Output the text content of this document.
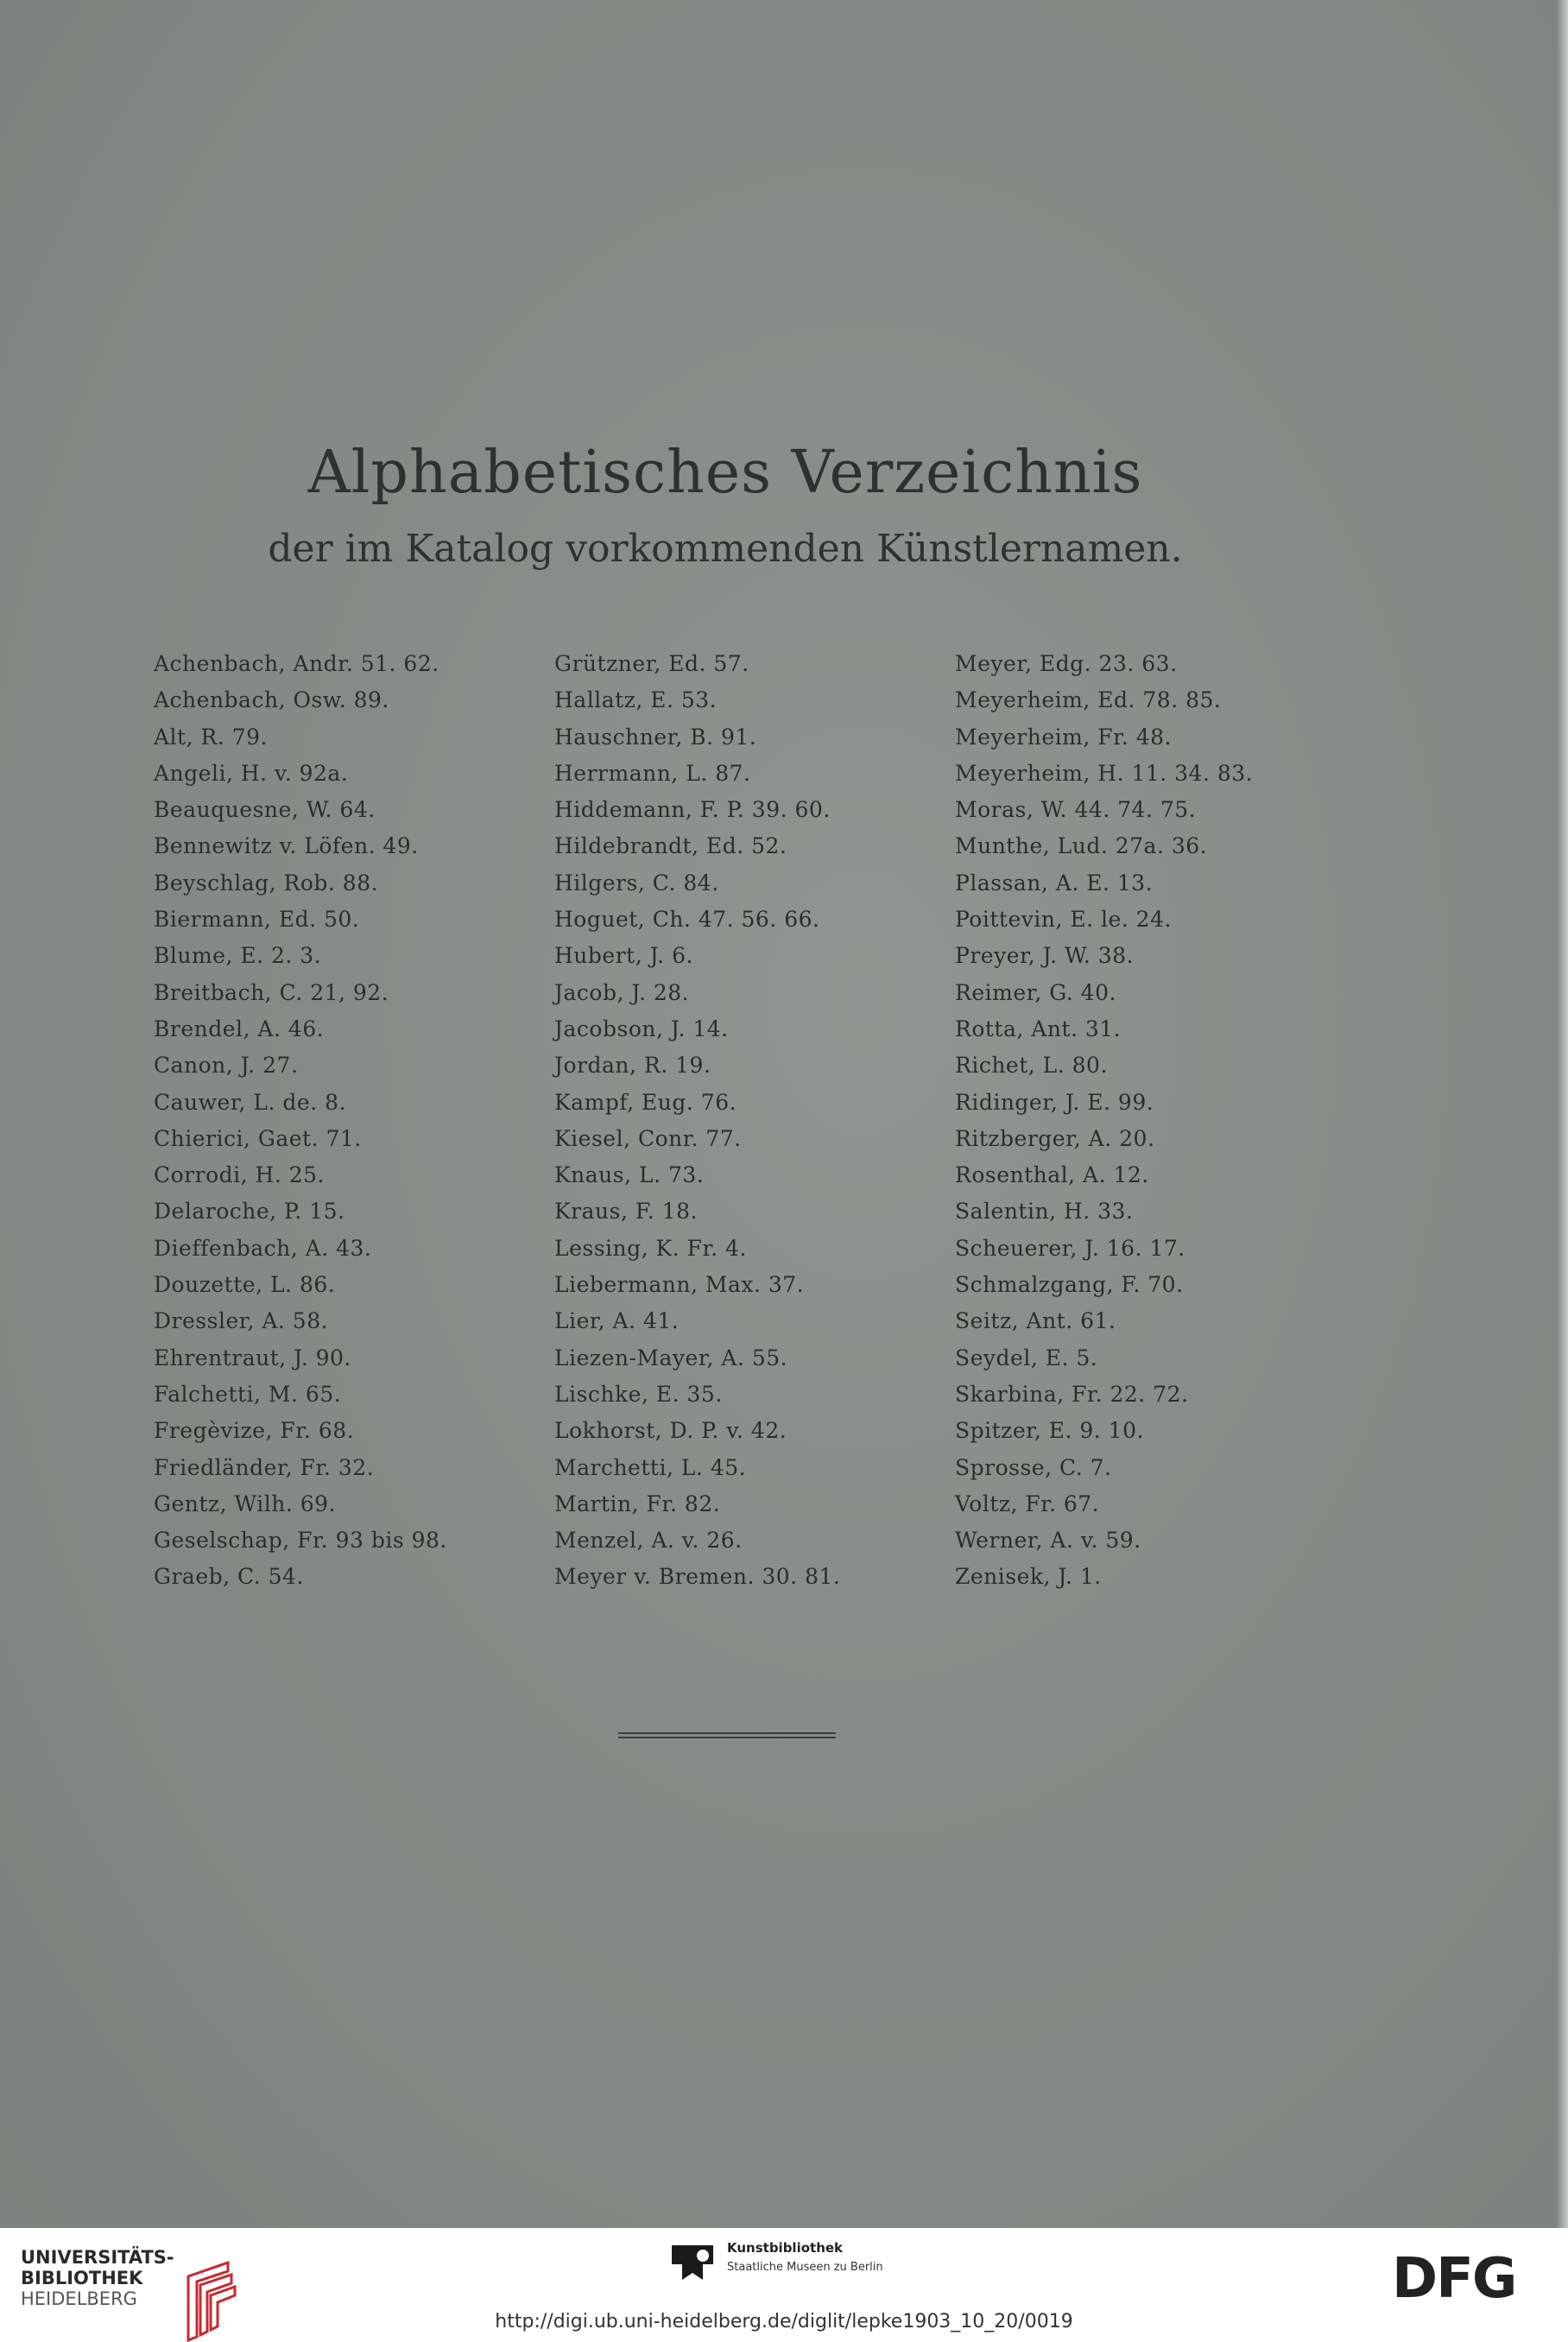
Alphabetisches Verzeichnis
der im Katalog vorkommenden Künstlernamen.
Achenbach, Andr. 51. 62.
Achenbach, Osw. 89.
Alt, R. 79.
Angeli, H. v. 92a.
Beauquesne, W. 64.
Bennewitz v. Löfen. 49.
Beyschlag, Rob. 88.
Biermann, Ed. 50.
Blume, E. 2. 3.
Breitbach, C. 21, 92.
Brendel, A. 46.
Canon, J. 27.
Cauwer, L. de. 8.
Chierici, Gaet. 71.
Corrodi, H. 25.
Delaroche, P. 15.
Dieffenbach, A. 43.
Douzette, L. 86.
Dressler, A. 58.
Ehrentraut, J. 90.
Falchetti, M. 65.
Fregèvize, Fr. 68.
Friedländer, Fr. 32.
Gentz, Wilh. 69.
Geselschap, Fr. 93 bis 98.
Graeb, C. 54.
Grützner, Ed. 57.
Hallatz, E. 53.
Hauschner, B. 91.
Herrmann, L. 87.
Hiddemann, F. P. 39. 60.
Hildebrandt, Ed. 52.
Hilgers, C. 84.
Hoguet, Ch. 47. 56. 66.
Hubert, J. 6.
Jacob, J. 28.
Jacobson, J. 14.
Jordan, R. 19.
Kampf, Eug. 76.
Kiesel, Conr. 77.
Knaus, L. 73.
Kraus, F. 18.
Lessing, K. Fr. 4.
Liebermann, Max. 37.
Lier, A. 41.
Liezen-Mayer, A. 55.
Lischke, E. 35.
Lokhorst, D. P. v. 42.
Marchetti, L. 45.
Martin, Fr. 82.
Menzel, A. v. 26.
Meyer v. Bremen. 30. 81.
Meyer, Edg. 23. 63.
Meyerheim, Ed. 78. 85.
Meyerheim, Fr. 48.
Meyerheim, H. 11. 34. 83.
Moras, W. 44. 74. 75.
Munthe, Lud. 27a. 36.
Plassan, A. E. 13.
Poittevin, E. le. 24.
Preyer, J. W. 38.
Reimer, G. 40.
Rotta, Ant. 31.
Richet, L. 80.
Ridinger, J. E. 99.
Ritzberger, A. 20.
Rosenthal, A. 12.
Salentin, H. 33.
Scheuerer, J. 16. 17.
Schmalzgang, F. 70.
Seitz, Ant. 61.
Seydel, E. 5.
Skarbina, Fr. 22. 72.
Spitzer, E. 9. 10.
Sprosse, C. 7.
Voltz, Fr. 67.
Werner, A. v. 59.
Zenisek, J. 1.
UNIVERSITÄTS-
BIBLIOTHEK
HEIDELBERG
Kunstbibliothek
Staatliche Museen zu Berlin	DFG
http://digi.ub.uni-heidelberg.de/diglit/lepke1903_10_20/0019
